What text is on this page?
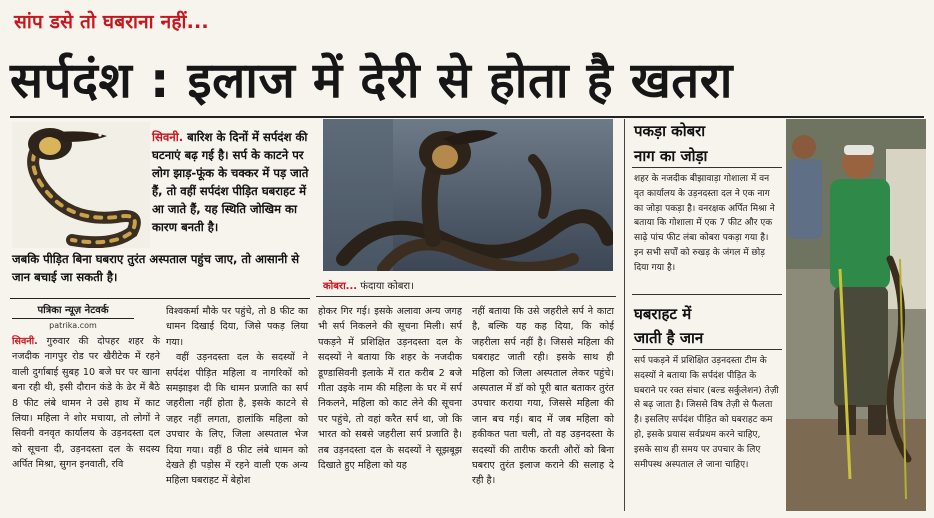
सांप डसे तो घबराना नहीं...
सर्पदंश : इलाज में देरी से होता है खतरा
सिवनी. बारिश के दिनों में सर्पदंश की घटनाएं बढ़ गई है। सर्प के काटने पर लोग झाड़-फूंक के चक्कर में पड़ जाते हैं, तो वहीं सर्पदंश पीड़ित घबराहट में आ जाते हैं, यह स्थिति जोखिम का कारण बनती है।
जबकि पीड़ित बिना घबराए तुरंत अस्पताल पहुंच जाए, तो आसानी से जान बचाई जा सकती है।
पत्रिका न्यूज़ नेटवर्क
patrika.com
कोबरा... फंदाया कोबरा।

सिवनी. गुरुवार की दोपहर शहर के नजदीक नागपुर रोड पर खैरीटेक में रहने वाली दुर्गाबाई सुबह 10 बजे घर पर खाना बना रही थी, इसी दौरान कंडे के ढेर में बैठे 8 फीट लंबे धामन ने उसे हाथ में काट लिया। महिला ने शोर मचाया, तो लोगों ने सिवनी वनवृत कार्यालय के उड़नदस्ता दल को सूचना दी, उड़नदस्ता दल के सदस्य अर्पित मिश्रा, सुगन इनवाती, रवि

विश्वकर्मा मौके पर पहुंचे, तो 8 फीट का धामन दिखाई दिया, जिसे पकड़ लिया गया।

वहीं उड़नदस्ता दल के सदस्यों ने सर्पदंश पीड़ित महिला व नागरिकों को समझाइश दी कि धामन प्रजाति का सर्प जहरीला नहीं होता है, इसके काटने से जहर नहीं लगता, हालांकि महिला को उपचार के लिए, जिला अस्पताल भेज दिया गया। वहीं 8 फीट लंबे धामन को देखते ही पड़ोस में रहने वाली एक अन्य महिला घबराहट में बेहोश

होकर गिर गई। इसके अलावा अन्य जगह भी सर्प निकलने की सूचना मिली। सर्प पकड़ने में प्रशिक्षित उड़नदस्ता दल के सदस्यों ने बताया कि शहर के नजदीक डूण्डासिवनी इलाके में रात करीब 2 बजे गीता उइके नाम की महिला के घर में सर्प निकलने, महिला को काट लेने की सूचना पर पहुंचे, तो वहां करैत सर्प था, जो कि भारत को सबसे जहरीला सर्प प्रजाति है। तब उड़नदस्ता दल के सदस्यों ने सूझबूझ दिखाते हुए महिला को यह

नहीं बताया कि उसे जहरीले सर्प ने काटा है, बल्कि यह कह दिया, कि कोई जहरीला सर्प नहीं है। जिससे महिला की घबराहट जाती रही। इसके साथ ही महिला को जिला अस्पताल लेकर पहुंचे। अस्पताल में डॉ को पूरी बात बताकर तुरंत उपचार कराया गया, जिससे महिला की जान बच गई। बाद में जब महिला को हकीकत पता चली, तो वह उड़नदस्ता के सदस्यों की तारीफ करती औरों को बिना घबराए तुरंत इलाज कराने की सलाह दे रही है।

पकड़ा कोबरा
नाग का जोड़ा
शहर के नजदीक बीझावाड़ा गोशाला में वन वृत कार्यालय के उड़नदस्ता दल ने एक नाग का जोड़ा पकड़ा है। वनरक्षक अर्पित मिश्रा ने बताया कि गोशाला में एक 7 फीट और एक साढ़े पांच फीट लंबा कोबरा पकड़ा गया है। इन सभी सर्पों को रुखड़ के जंगल में छोड़ दिया गया है।
घबराहट में
जाती है जान
सर्प पकड़ने में प्रशिक्षित उड़नदस्ता टीम के सदस्यों ने बताया कि सर्पदंश पीड़ित के घबराने पर रक्त संचार (बल्ड सर्कुलेशन) तेज़ी से बढ़ जाता है। जिससे विष तेज़ी से फैलता है। इसलिए सर्पदंश पीड़ित को घबराहट कम हो, इसके प्रयास सर्वप्रथम करने चाहिए, इसके साथ ही समय पर उपचार के लिए समीपस्थ अस्पताल ले जाना चाहिए।
